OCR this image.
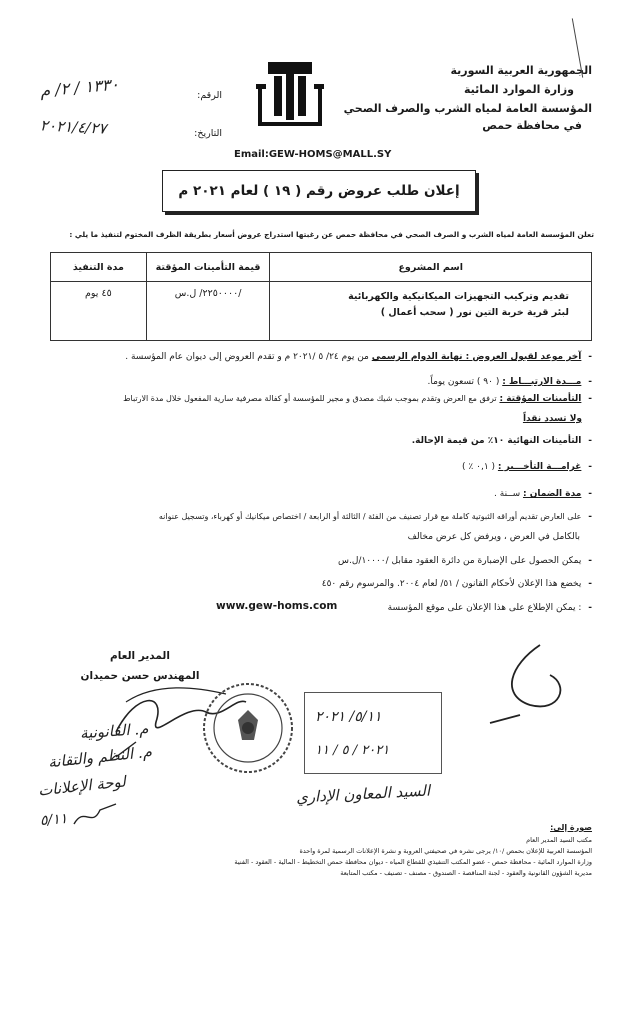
الجمهورية العربية السورية
وزارة الموارد المائية
المؤسسة العامة لمياه الشرب والصرف الصحي
في محافظة حمص
الرقم:
التاريخ:
١٣٣٠ / ٢/ م
٢٠٢١/٤/٢٧
Email:GEW-HOMS@MALL.SY
إعلان طلب عروض رقم ( ١٩ ) لعام ٢٠٢١ م
تعلن المؤسسة العامة لمياه الشرب و الصرف الصحي في محافظة حمص عن رغبتها استدراج عروض أسعار بطريقة الظرف المختوم لتنفيذ ما يلي :
اسم المشروع	قيمة التأمينات المؤقتة	مدة التنفيذ

تقديم وتركيب التجهيزات الميكانيكية والكهربائية
لبئر قرية خربة التين نور ( سحب أعمال )	/٢٢٥٠٠٠٠/ ل.س	٤٥ يوم
- آخر موعد لقبول العروض : نهاية الدوام الرسمي من يوم ٢٤/ ٥ /٢٠٢١ م و تقدم العروض إلى ديوان عام المؤسسة .
- مـــدة الارتبـــاط : ( ٩٠ ) تسعون يوماً.
- التأمينات المؤقتة : ترفق مع العرض وتقدم بموجب شيك مصدق و مجير للمؤسسة أو كفالة مصرفية سارية المفعول خلال مدة الارتباط
ولا تسدد نقداً
- التأمينات النهائية ١٠٪ من قيمة الإحالة.
- غرامـــة التأخـــير : ( ٠,١ ٪ )
- مدة الضمان : ســنة .
- على العارض تقديم أوراقه الثبوتية كاملة مع قرار تصنيف من الفئة / الثالثة أو الرابعة / اختصاص ميكانيك أو كهرباء، وتسجيل عنوانه
بالكامل في العرض ، ويرفض كل عرض مخالف
- يمكن الحصول على الإضبارة من دائرة العقود مقابل /١٠٠٠٠/ل.س
- يخضع هذا الإعلان لأحكام القانون / ٥١/ لعام ٢٠٠٤. والمرسوم رقم ٤٥٠
- : يمكن الإطلاع على هذا الإعلان على موقع المؤسسة
www.gew-homs.com
المدير العام
المهندس حسن حميدان
م. القانونية
م. النظم والتقانة
لوحة الإعلانات
٥/١١
٥/١١/ ٢٠٢١
٢٠٢١ / ٥ / ١١
السيد المعاون الإداري
صورة إلى:
مكتب السيد المدير العام
المؤسسة العربية للإعلان بحمص /١٠/ يرجى نشره في صحيفتي العروبة و نشرة الإعلانات الرسمية لمرة واحدة
وزارة الموارد المائية - محافظة حمص - عضو المكتب التنفيذي للقطاع المياه - ديوان محافظة حمص التخطيط - المالية - العقود - الفنية
مديرية الشؤون القانونية والعقود - لجنة المناقصة - الصندوق - مصنف - تصنيف - مكتب المتابعة
